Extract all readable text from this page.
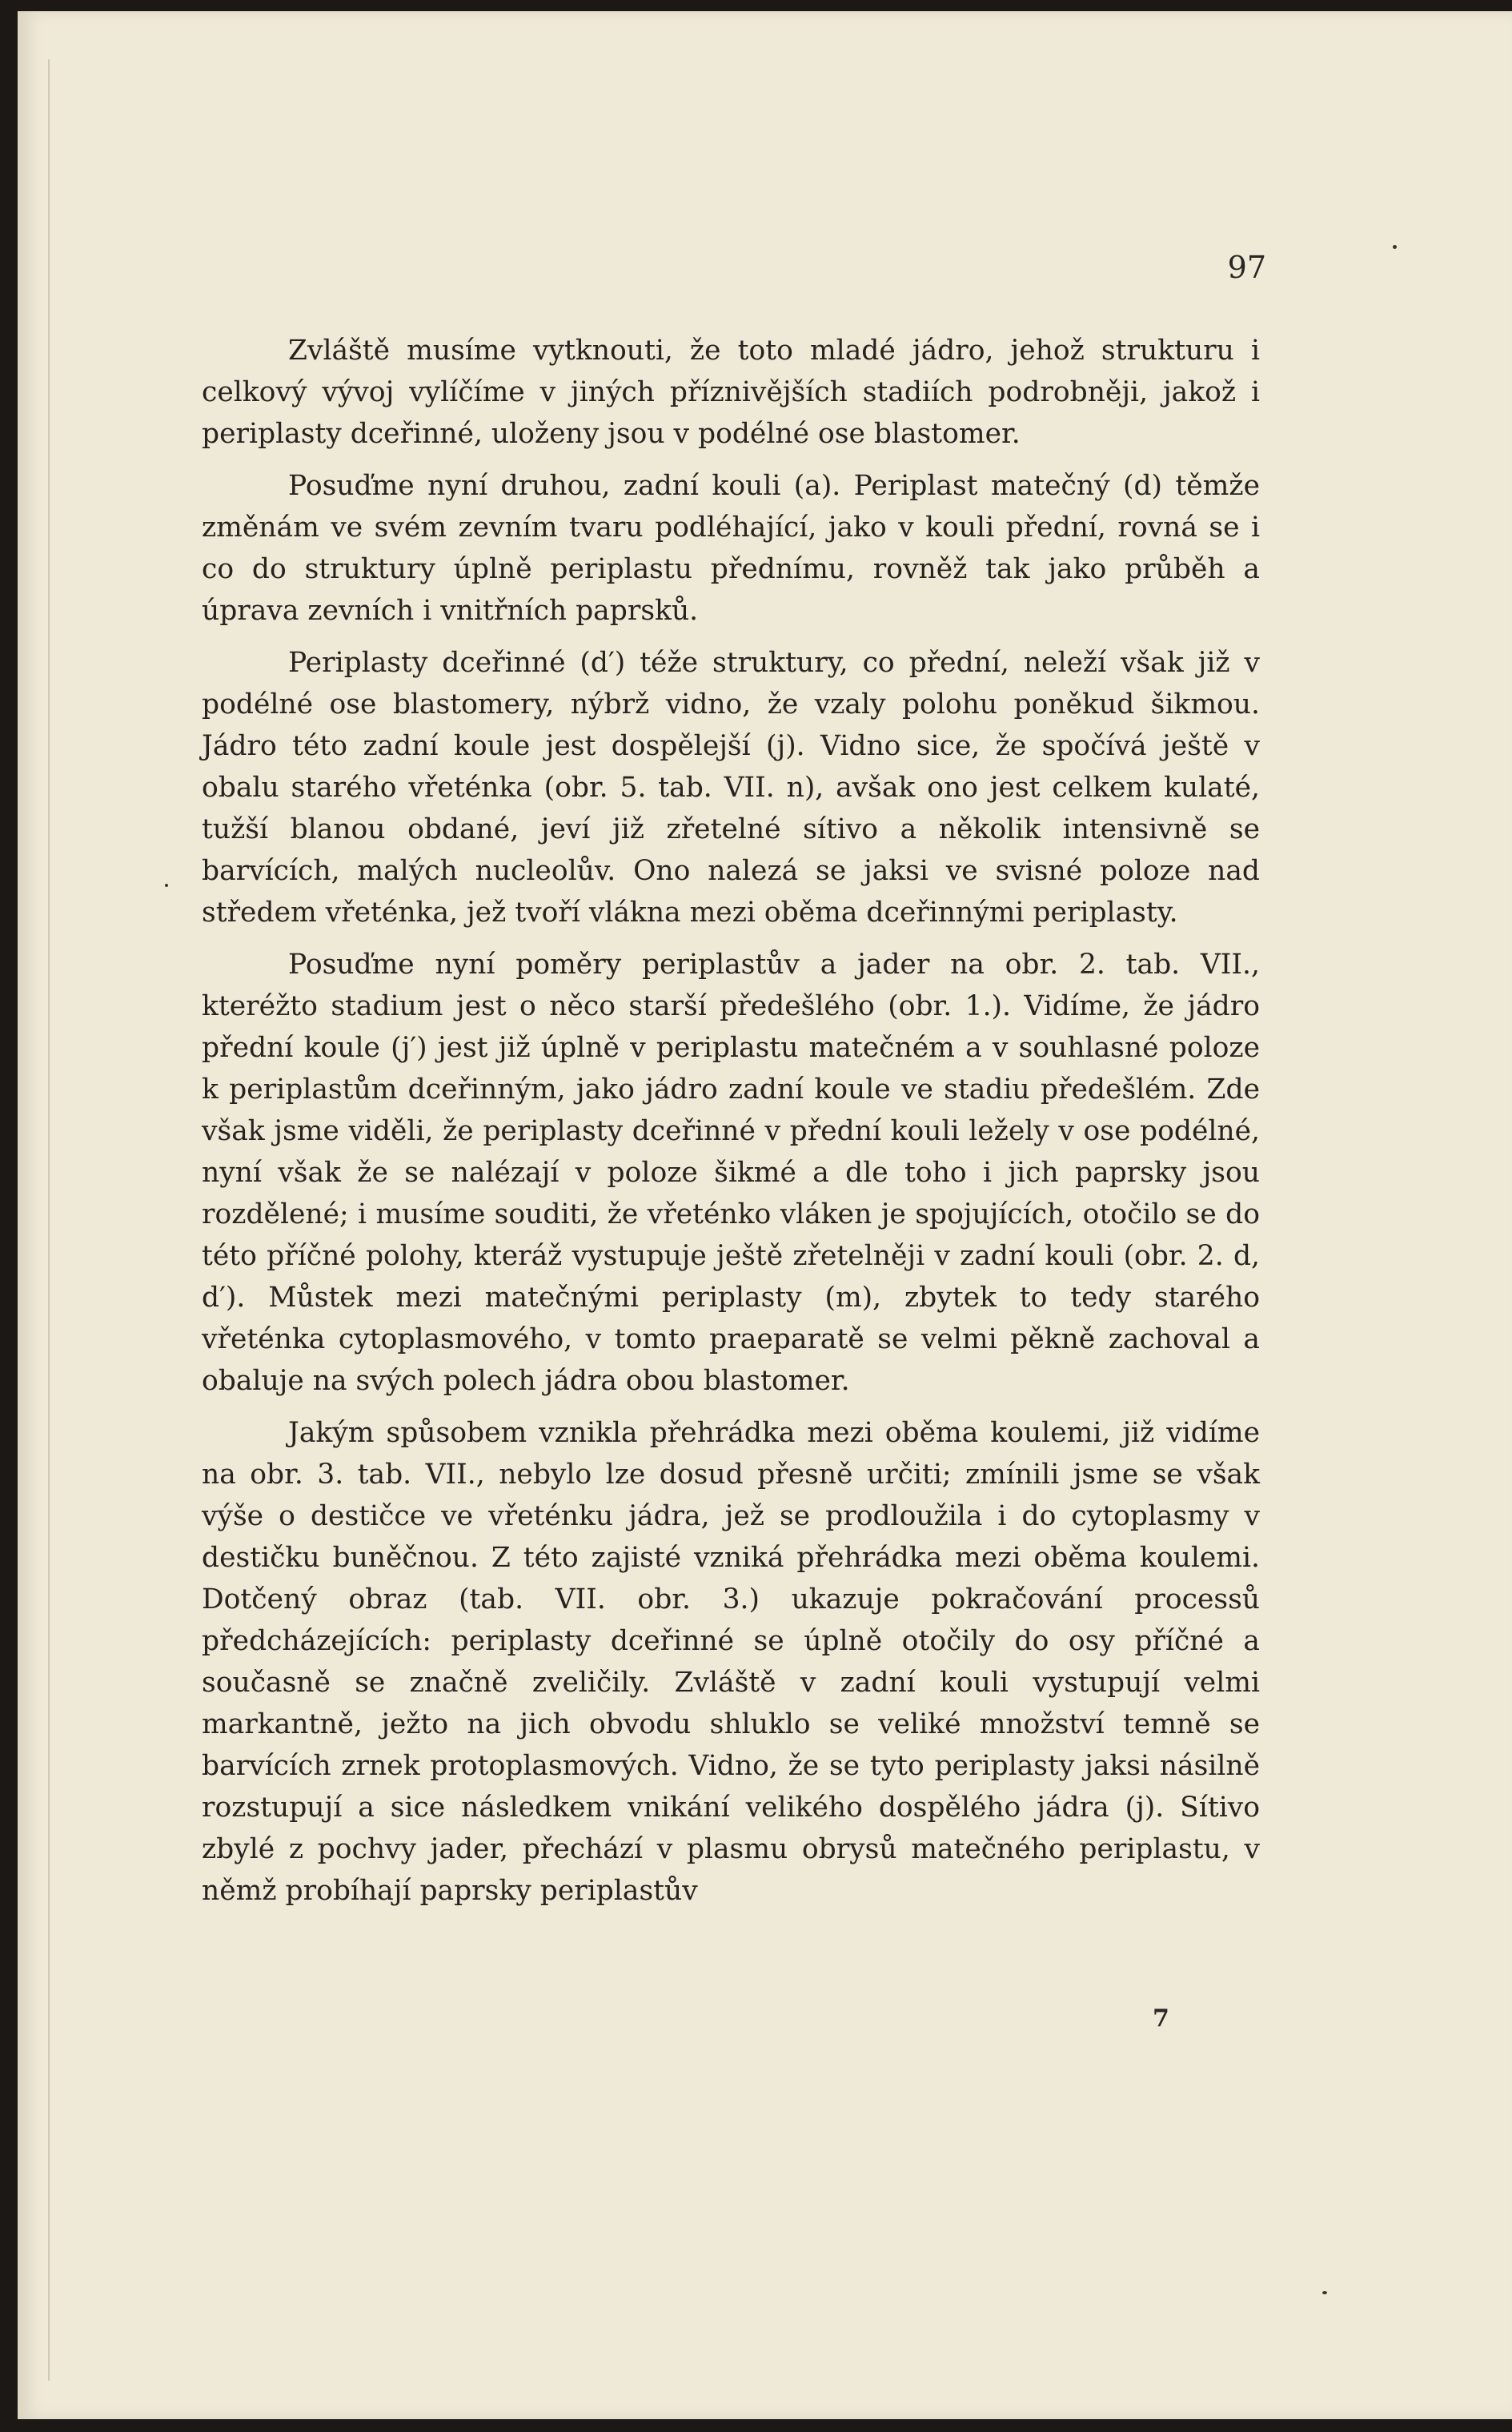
97

Zvláště musíme vytknouti, že toto mladé jádro, jehož strukturu i celkový vývoj vylíčíme v jiných příznivějších stadiích podrobněji, jakož i periplasty dceřinné, uloženy jsou v podélné ose blastomer.

Posuďme nyní druhou, zadní kouli (a). Periplast matečný (d) těmže změnám ve svém zevním tvaru podléhající, jako v kouli přední, rovná se i co do struktury úplně periplastu přednímu, rovněž tak jako průběh a úprava zevních i vnitřních paprsků.

Periplasty dceřinné (d′) téže struktury, co přední, neleží však již v podélné ose blastomery, nýbrž vidno, že vzaly polohu poněkud šikmou. Jádro této zadní koule jest dospělejší (j). Vidno sice, že spočívá ještě v obalu starého vřeténka (obr. 5. tab. VII. n), avšak ono jest celkem kulaté, tužší blanou obdané, jeví již zřetelné sítivo a několik intensivně se barvících, malých nucleolův. Ono nalezá se jaksi ve svisné poloze nad středem vřeténka, jež tvoří vlákna mezi oběma dceřinnými periplasty.

Posuďme nyní poměry periplastův a jader na obr. 2. tab. VII., kteréžto stadium jest o něco starší předešlého (obr. 1.). Vidíme, že jádro přední koule (j′) jest již úplně v periplastu matečném a v souhlasné poloze k periplastům dceřinným, jako jádro zadní koule ve stadiu předešlém. Zde však jsme viděli, že periplasty dceřinné v přední kouli ležely v ose podélné, nyní však že se nalézají v poloze šikmé a dle toho i jich paprsky jsou rozdělené; i musíme souditi, že vřeténko vláken je spojujících, otočilo se do této příčné polohy, kteráž vystupuje ještě zřetelněji v zadní kouli (obr. 2. d, d′). Můstek mezi matečnými periplasty (m), zbytek to tedy starého vřeténka cytoplasmového, v tomto praeparatě se velmi pěkně zachoval a obaluje na svých polech jádra obou blastomer.

Jakým spůsobem vznikla přehrádka mezi oběma koulemi, již vidíme na obr. 3. tab. VII., nebylo lze dosud přesně určiti; zmínili jsme se však výše o destičce ve vřeténku jádra, jež se prodloužila i do cytoplasmy v destičku buněčnou. Z této zajisté vzniká přehrádka mezi oběma koulemi. Dotčený obraz (tab. VII. obr. 3.) ukazuje pokračování processů předcházejících: periplasty dceřinné se úplně otočily do osy příčné a současně se značně zveličily. Zvláště v zadní kouli vystupují velmi markantně, ježto na jich obvodu shluklo se veliké množství temně se barvících zrnek protoplasmových. Vidno, že se tyto periplasty jaksi násilně rozstupují a sice následkem vnikání velikého dospělého jádra (j). Sítivo zbylé z pochvy jader, přechází v plasmu obrysů matečného periplastu, v němž probíhají paprsky periplastův

7
